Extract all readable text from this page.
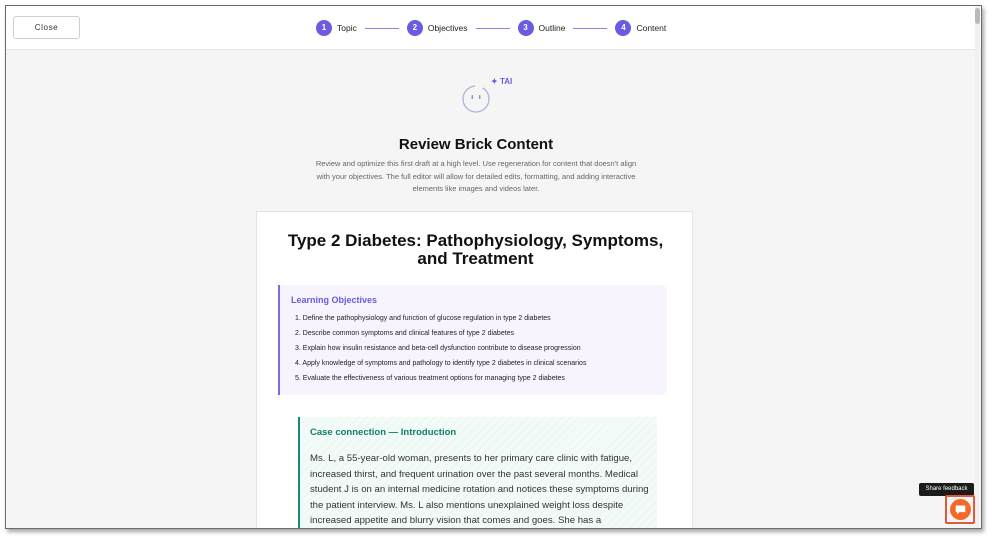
Close	1	Topic	2	Objectives	3	Outline	4	Content
✦ TAI
Review Brick Content
Review and optimize this first draft at a high level. Use regeneration for content that doesn't align with your objectives. The full editor will allow for detailed edits, formatting, and adding interactive elements like images and videos later.
Type 2 Diabetes: Pathophysiology, Symptoms, and Treatment
Learning Objectives
1. Define the pathophysiology and function of glucose regulation in type 2 diabetes
2. Describe common symptoms and clinical features of type 2 diabetes
3. Explain how insulin resistance and beta-cell dysfunction contribute to disease progression
4. Apply knowledge of symptoms and pathology to identify type 2 diabetes in clinical scenarios
5. Evaluate the effectiveness of various treatment options for managing type 2 diabetes
Case connection — Introduction
Ms. L, a 55-year-old woman, presents to her primary care clinic with fatigue, increased thirst, and frequent urination over the past several months. Medical student J is on an internal medicine rotation and notices these symptoms during the patient interview. Ms. L also mentions unexplained weight loss despite increased appetite and blurry vision that comes and goes. She has a
Share feedback
